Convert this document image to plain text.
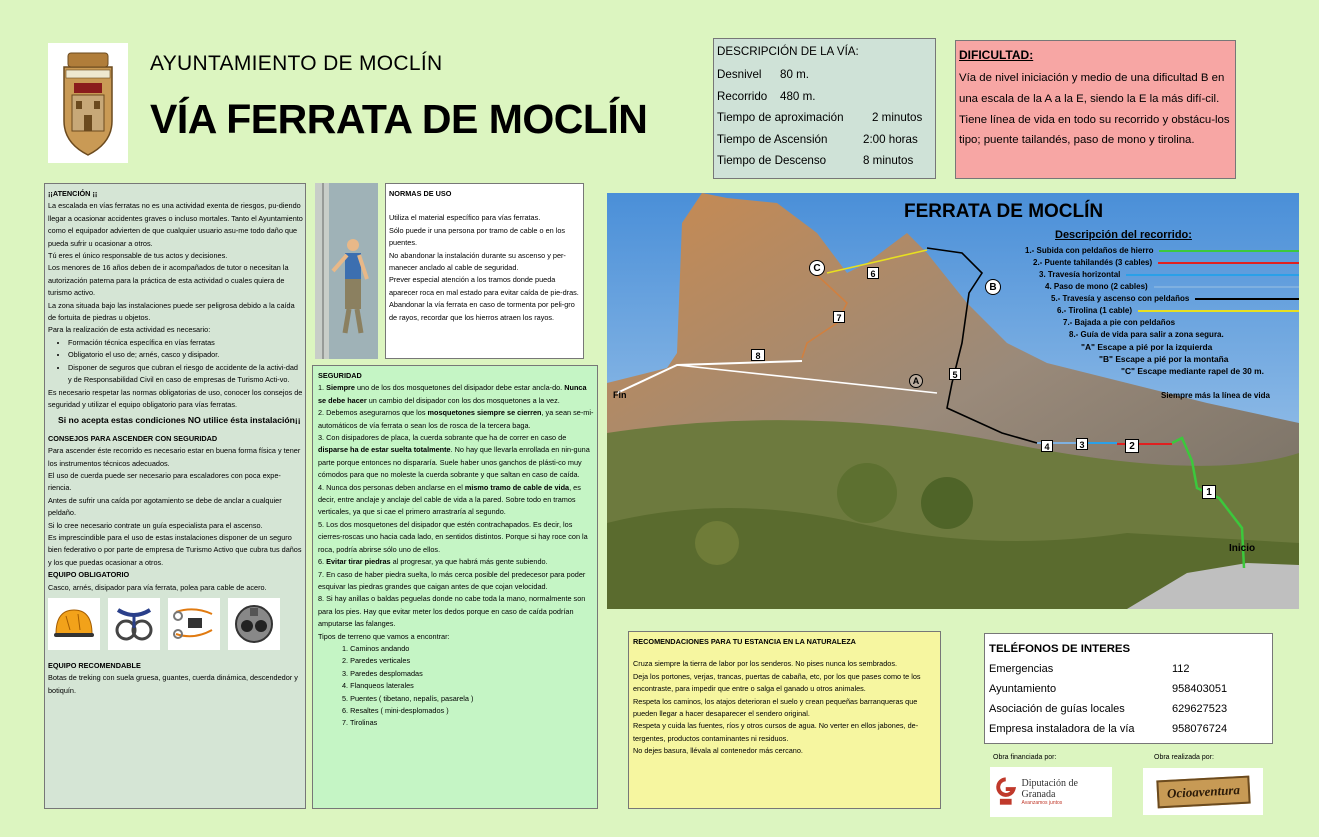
AYUNTAMIENTO DE MOCLÍN
VÍA FERRATA DE MOCLÍN
DESCRIPCIÓN DE LA VÍA:
Desnivel	80 m.
Recorrido	480 m.
Tiempo de aproximación	2 minutos
Tiempo de Ascensión	2:00 horas
Tiempo de Descenso	8 minutos
DIFICULTAD:
Vía de nivel iniciación y medio de una dificultad B en una escala de la A a la E, siendo la E la más difí-cil.
Tiene línea de vida en todo su recorrido y obstácu-los tipo; puente tailandés, paso de mono y tirolina.

¡¡ATENCIÓN ¡¡

La escalada en vías ferratas no es una actividad exenta de riesgos, pu-diendo llegar a ocasionar accidentes graves o incluso mortales. Tanto el Ayuntamiento como el equipador advierten de que cualquier usuario asu-me todo daño que pueda sufrir u ocasionar a otros.

Tú eres el único responsable de tus actos y decisiones.

Los menores de 16 años deben de ir acompañados de tutor o necesitan la autorización paterna para la práctica de esta actividad o cuales quiera de turismo activo.

La zona situada bajo las instalaciones puede ser peligrosa debido a la caída de fortuita de piedras u objetos.

Para la realización de esta actividad es necesario:

• Formación técnica específica en vías ferratas
• Obligatorio el uso de; arnés, casco y disipador.
• Disponer de seguros que cubran el riesgo de accidente de la activi-dad y de Responsabilidad Civil en caso de empresas de Turismo Acti-vo.

Es necesario respetar las normas obligatorias de uso, conocer los consejos de seguridad y utilizar el equipo obligatorio para vías ferratas.

Si no acepta estas condiciones NO utilice ésta instalación¡¡

CONSEJOS PARA ASCENDER CON SEGURIDAD

Para ascender éste recorrido es necesario estar en buena forma física y tener los instrumentos técnicos adecuados.

El uso de cuerda puede ser necesario para escaladores con poca expe-riencia.

Antes de sufrir una caída por agotamiento se debe de anclar a cualquier peldaño.

Si lo cree necesario contrate un guía especialista para el ascenso.

Es imprescindible para el uso de estas instalaciones disponer de un seguro bien federativo o por parte de empresa de Turismo Activo que cubra tus daños y los que puedas ocasionar a otros.

EQUIPO OBLIGATORIO

Casco, arnés, disipador para vía ferrata, polea para cable de acero.

EQUIPO RECOMENDABLE

Botas de treking con suela gruesa, guantes, cuerda dinámica, descendedor y botiquín.

NORMAS DE USO

Utiliza el material específico para vías ferratas.

Sólo puede ir una persona por tramo de cable o en los puentes.

No abandonar la instalación durante su ascenso y per-manecer anclado al cable de seguridad.

Prever especial atención a los tramos donde pueda aparecer roca en mal estado para evitar caída de pie-dras.

Abandonar la vía ferrata en caso de tormenta por peli-gro de rayos, recordar que los hierros atraen los rayos.

SEGURIDAD

1. Siempre uno de los dos mosquetones del disipador debe estar ancla-do. Nunca se debe hacer un cambio del disipador con los dos mosquetones a la vez.

2. Debemos asegurarnos que los mosquetones siempre se cierren, ya sean se-mi-automáticos de vía ferrata o sean los de rosca de la tercera baga.

3. Con disipadores de placa, la cuerda sobrante que ha de correr en caso de disparse ha de estar suelta totalmente. No hay que llevarla enrollada en nin-guna parte porque entonces no dispararía. Suele haber unos ganchos de plásti-co muy cómodos para que no moleste la cuerda sobrante y que saltan en caso de caída.

4. Nunca dos personas deben anclarse en el mismo tramo de cable de vida, es decir, entre anclaje y anclaje del cable de vida a la pared. Sobre todo en tramos verticales, ya que si cae el primero arrastraría al segundo.

5. Los dos mosquetones del disipador que estén contrachapados. Es decir, los cierres-roscas uno hacia cada lado, en sentidos distintos. Porque si hay roce con la roca, podría abrirse sólo uno de ellos.

6. Evitar tirar piedras al progresar, ya que habrá más gente subiendo.

7. En caso de haber piedra suelta, lo más cerca posible del predecesor para poder esquivar las piedras grandes que caigan antes de que cojan velocidad.

8. Si hay anillas o baldas peguelas donde no cabe toda la mano, normalmente son para los pies. Hay que evitar meter los dedos porque en caso de caída podrían amputarse las falanges.

Tipos de terreno que vamos a encontrar:

1. Caminos andando
2. Paredes verticales
3. Paredes desplomadas
4. Flanqueos laterales
5. Puentes ( tibetano, nepalís, pasarela )
6. Resaltes ( mini-desplomados )
7. Tirolinas
1
2
3
4
5
6
7
8
A
B
C
Fin
Inicio
FERRATA DE MOCLÍN
Descripción del recorrido:
1.- Subida con peldaños de hierro
2.- Puente tahilandés (3 cables)
3. Travesía horizontal
4. Paso de mono (2 cables)
5.- Travesía y ascenso con peldaños
6.- Tirolina (1 cable)
7.- Bajada a pie con peldaños
8.- Guía de vida para salir a zona segura.
"A" Escape a pié por la izquierda
"B" Escape a pié por la montaña
"C" Escape mediante rapel de 30 m.
Siempre más la línea de vida

RECOMENDACIONES PARA TU ESTANCIA EN LA NATURALEZA

Cruza siempre la tierra de labor por los senderos. No pises nunca los sembrados.

Deja los portones, verjas, trancas, puertas de cabaña, etc, por los que pases como te los encontraste, para impedir que entre o salga el ganado u otros animales.

Respeta los caminos, los atajos deterioran el suelo y crean pequeñas barranqueras que pueden llegar a hacer desaparecer el sendero original.

Respeta y cuida las fuentes, ríos y otros cursos de agua. No verter en ellos jabones, de-tergentes, productos contaminantes ni residuos.

No dejes basura, llévala al contenedor más cercano.

TELÉFONOS DE INTERES
Emergencias	112
Ayuntamiento	958403051
Asociación de guías locales	629627523
Empresa instaladora de la vía	958076724
Obra financiada por:	Obra realizada por:
Diputación de Granada
Avanzamos juntos
Ocioaventura
